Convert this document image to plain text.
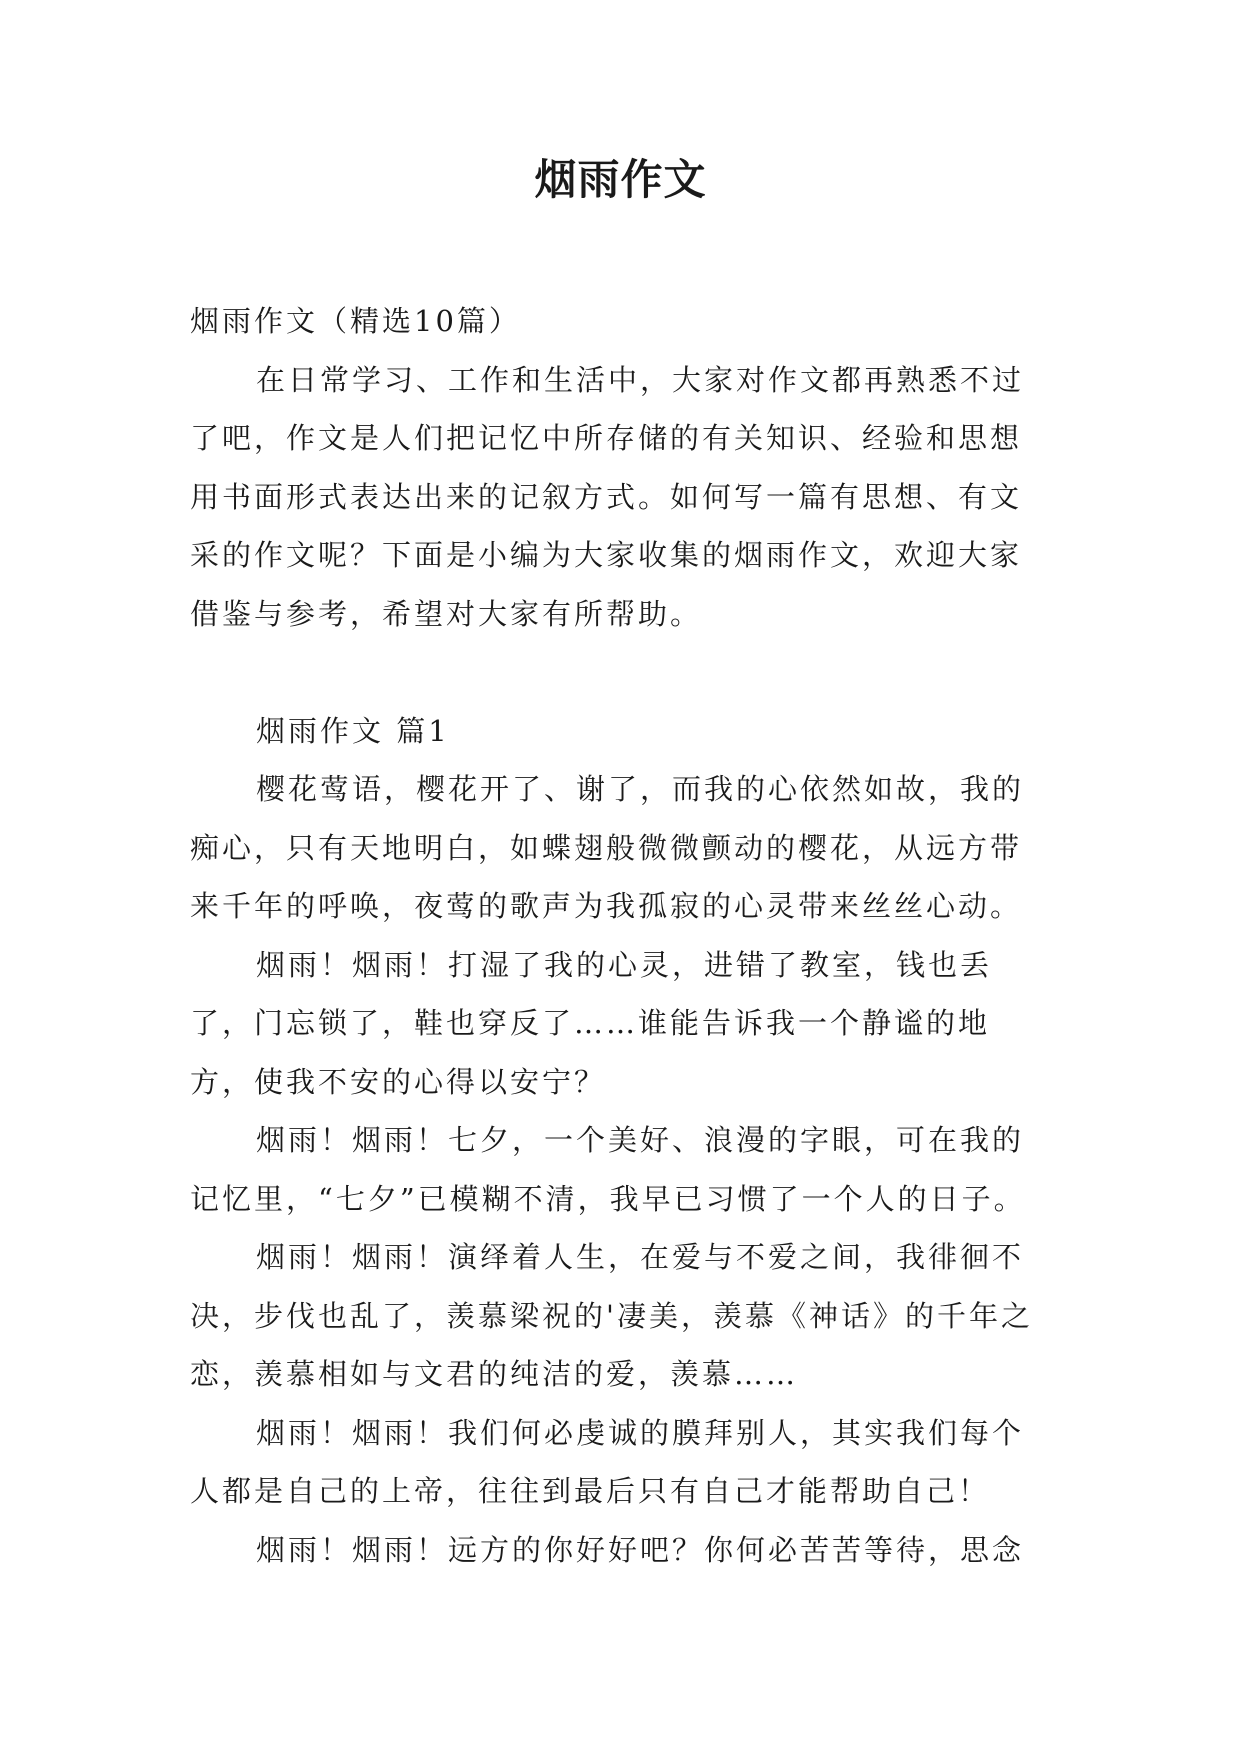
烟雨作文

烟雨作文（精选10篇）

在日常学习、工作和生活中，大家对作文都再熟悉不过了吧，作文是人们把记忆中所存储的有关知识、经验和思想用书面形式表达出来的记叙方式。如何写一篇有思想、有文采的作文呢？下面是小编为大家收集的烟雨作文，欢迎大家借鉴与参考，希望对大家有所帮助。

烟雨作文 篇1

樱花莺语，樱花开了、谢了，而我的心依然如故，我的痴心，只有天地明白，如蝶翅般微微颤动的樱花，从远方带来千年的呼唤，夜莺的歌声为我孤寂的心灵带来丝丝心动。

烟雨！烟雨！打湿了我的心灵，进错了教室，钱也丢了，门忘锁了，鞋也穿反了……谁能告诉我一个静谧的地方，使我不安的心得以安宁？

烟雨！烟雨！七夕，一个美好、浪漫的字眼，可在我的记忆里，“七夕”已模糊不清，我早已习惯了一个人的日子。

烟雨！烟雨！演绎着人生，在爱与不爱之间，我徘徊不决，步伐也乱了，羡慕梁祝的'凄美，羡慕《神话》的千年之恋，羡慕相如与文君的纯洁的爱，羡慕……

烟雨！烟雨！我们何必虔诚的膜拜别人，其实我们每个人都是自己的上帝，往往到最后只有自己才能帮助自己！

烟雨！烟雨！远方的你好好吧？你何必苦苦等待，思念
